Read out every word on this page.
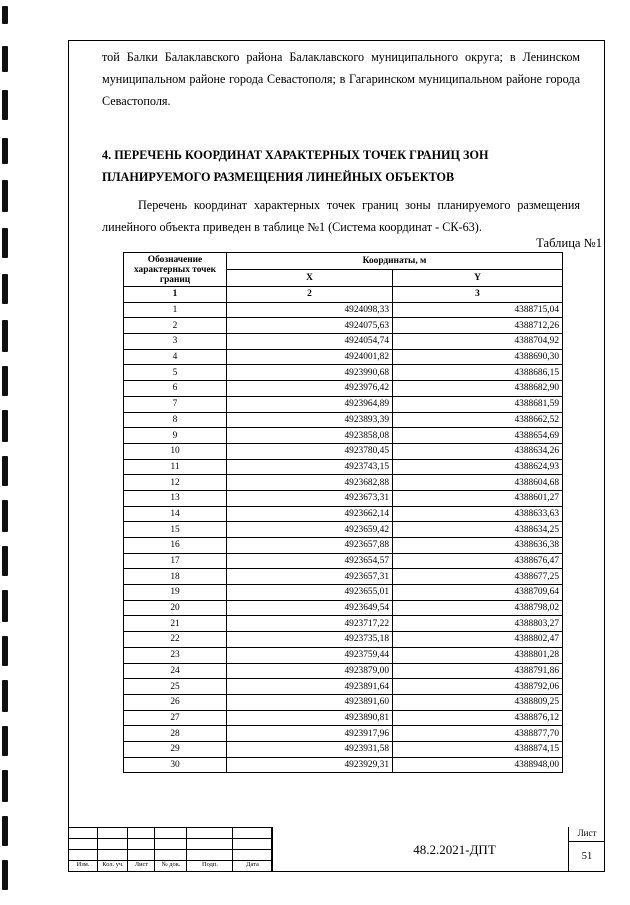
той Балки Балаклавского района Балаклавского муниципального округа; в Ленинском муниципальном районе города Севастополя; в Гагаринском муниципальном районе города Севастополя.
4. ПЕРЕЧЕНЬ КООРДИНАТ ХАРАКТЕРНЫХ ТОЧЕК ГРАНИЦ ЗОН ПЛАНИРУЕМОГО РАЗМЕЩЕНИЯ ЛИНЕЙНЫХ ОБЪЕКТОВ
Перечень координат характерных точек границ зоны планируемого размещения линейного объекта приведен в таблице №1 (Система координат - СК-63).
Таблица №1
Обозначение характерных точек границ	Координаты, м	
	X	Y
1	2	3
1	4924098,33	4388715,04
2	4924075,63	4388712,26
3	4924054,74	4388704,92
4	4924001,82	4388690,30
5	4923990,68	4388686,15
6	4923976,42	4388682,90
7	4923964,89	4388681,59
8	4923893,39	4388662,52
9	4923858,08	4388654,69
10	4923780,45	4388634,26
11	4923743,15	4388624,93
12	4923682,88	4388604,68
13	4923673,31	4388601,27
14	4923662,14	4388633,63
15	4923659,42	4388634,25
16	4923657,88	4388636,38
17	4923654,57	4388676,47
18	4923657,31	4388677,25
19	4923655,01	4388709,64
20	4923649,54	4388798,02
21	4923717,22	4388803,27
22	4923735,18	4388802,47
23	4923759,44	4388801,28
24	4923879,00	4388791,86
25	4923891,64	4388792,06
26	4923891,60	4388809,25
27	4923890,81	4388876,12
28	4923917,96	4388877,70
29	4923931,58	4388874,15
30	4923929,31	4388948,00
Изм.	Кол. уч.	Лист	№ док.	Подп.	Дата
48.2.2021-ДПТ
Лист
51
